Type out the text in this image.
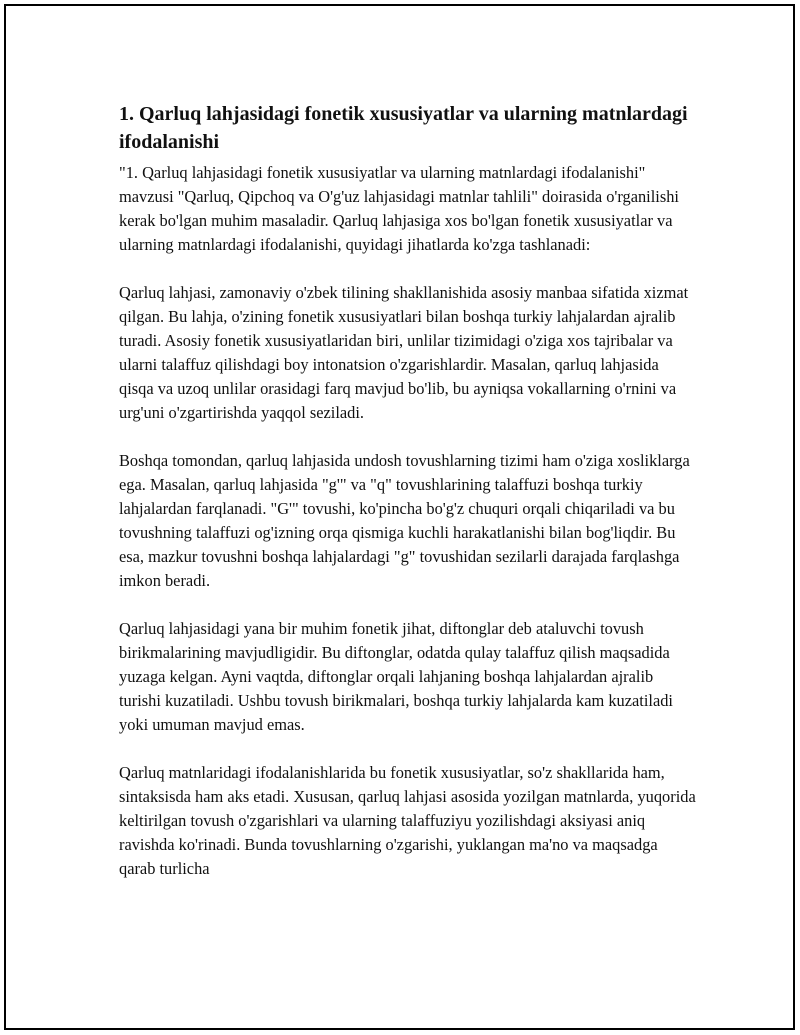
1. Qarluq lahjasidagi fonetik xususiyatlar va ularning matnlardagi ifodalanishi

"1. Qarluq lahjasidagi fonetik xususiyatlar va ularning matnlardagi ifodalanishi" mavzusi "Qarluq, Qipchoq va O'g'uz lahjasidagi matnlar tahlili" doirasida o'rganilishi kerak bo'lgan muhim masaladir. Qarluq lahjasiga xos bo'lgan fonetik xususiyatlar va ularning matnlardagi ifodalanishi, quyidagi jihatlarda ko'zga tashlanadi:

Qarluq lahjasi, zamonaviy o'zbek tilining shakllanishida asosiy manbaa sifatida xizmat qilgan. Bu lahja, o'zining fonetik xususiyatlari bilan boshqa turkiy lahjalardan ajralib turadi. Asosiy fonetik xususiyatlaridan biri, unlilar tizimidagi o'ziga xos tajribalar va ularni talaffuz qilishdagi boy intonatsion o'zgarishlardir. Masalan, qarluq lahjasida qisqa va uzoq unlilar orasidagi farq mavjud bo'lib, bu ayniqsa vokallarning o'rnini va urg'uni o'zgartirishda yaqqol seziladi.

Boshqa tomondan, qarluq lahjasida undosh tovushlarning tizimi ham o'ziga xosliklarga ega. Masalan, qarluq lahjasida "g'" va "q" tovushlarining talaffuzi boshqa turkiy lahjalardan farqlanadi. "G'" tovushi, ko'pincha bo'g'z chuquri orqali chiqariladi va bu tovushning talaffuzi og'izning orqa qismiga kuchli harakatlanishi bilan bog'liqdir. Bu esa, mazkur tovushni boshqa lahjalardagi "g" tovushidan sezilarli darajada farqlashga imkon beradi.

Qarluq lahjasidagi yana bir muhim fonetik jihat, diftonglar deb ataluvchi tovush birikmalarining mavjudligidir. Bu diftonglar, odatda qulay talaffuz qilish maqsadida yuzaga kelgan. Ayni vaqtda, diftonglar orqali lahjaning boshqa lahjalardan ajralib turishi kuzatiladi. Ushbu tovush birikmalari, boshqa turkiy lahjalarda kam kuzatiladi yoki umuman mavjud emas.

Qarluq matnlaridagi ifodalanishlarida bu fonetik xususiyatlar, so'z shakllarida ham, sintaksisda ham aks etadi. Xususan, qarluq lahjasi asosida yozilgan matnlarda, yuqorida keltirilgan tovush o'zgarishlari va ularning talaffuziyu yozilishdagi aksiyasi aniq ravishda ko'rinadi. Bunda tovushlarning o'zgarishi, yuklangan ma'no va maqsadga qarab turlicha
